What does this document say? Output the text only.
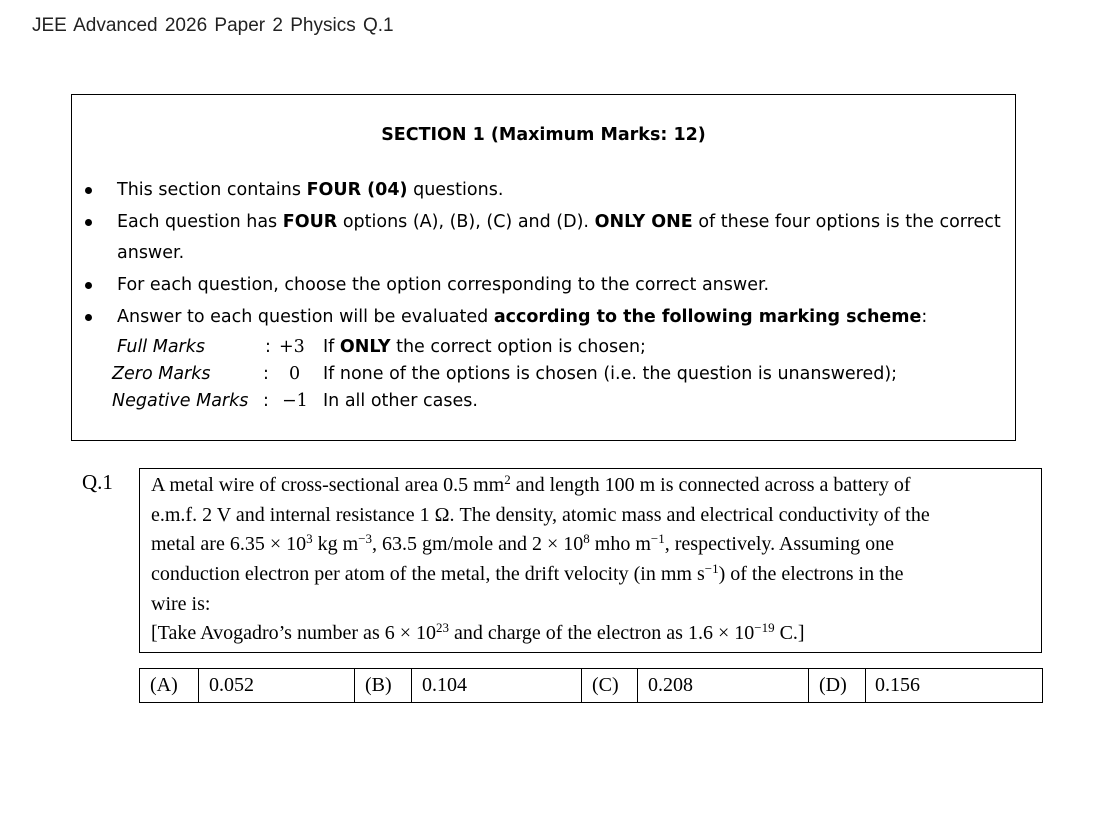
JEE Advanced 2026 Paper 2 Physics Q.1
SECTION 1 (Maximum Marks: 12)
This section contains FOUR (04) questions.
Each question has FOUR options (A), (B), (C) and (D). ONLY ONE of these four options is the correct
answer.
For each question, choose the option corresponding to the correct answer.
Answer to each question will be evaluated according to the following marking scheme:
Full Marks	: +3 If ONLY the correct option is chosen;
Zero Marks	: 0 If none of the options is chosen (i.e. the question is unanswered);
Negative Marks : −1 In all other cases.
Q.1 A metal wire of cross-sectional area 0.5 $mm^2$ and length 100 m is connected across a battery of
e.m.f. 2 V and internal resistance 1 Ω. The density, atomic mass and electrical conductivity of the
metal are $6.35 \times 10^3$ kg $m^{-3}$, 63.5 gm/mole and $2 \times 10^8$ mho $m^{-1}$, respectively. Assuming one
conduction electron per atom of the metal, the drift velocity (in mm $s^{-1}$) of the electrons in the
wire is:
[Take Avogadro’s number as $6 \times 10^{23}$ and charge of the electron as $1.6 \times 10^{-19}$ C.]
(A) 0.052	(B) 0.104	(C) 0.208	(D) 0.156
